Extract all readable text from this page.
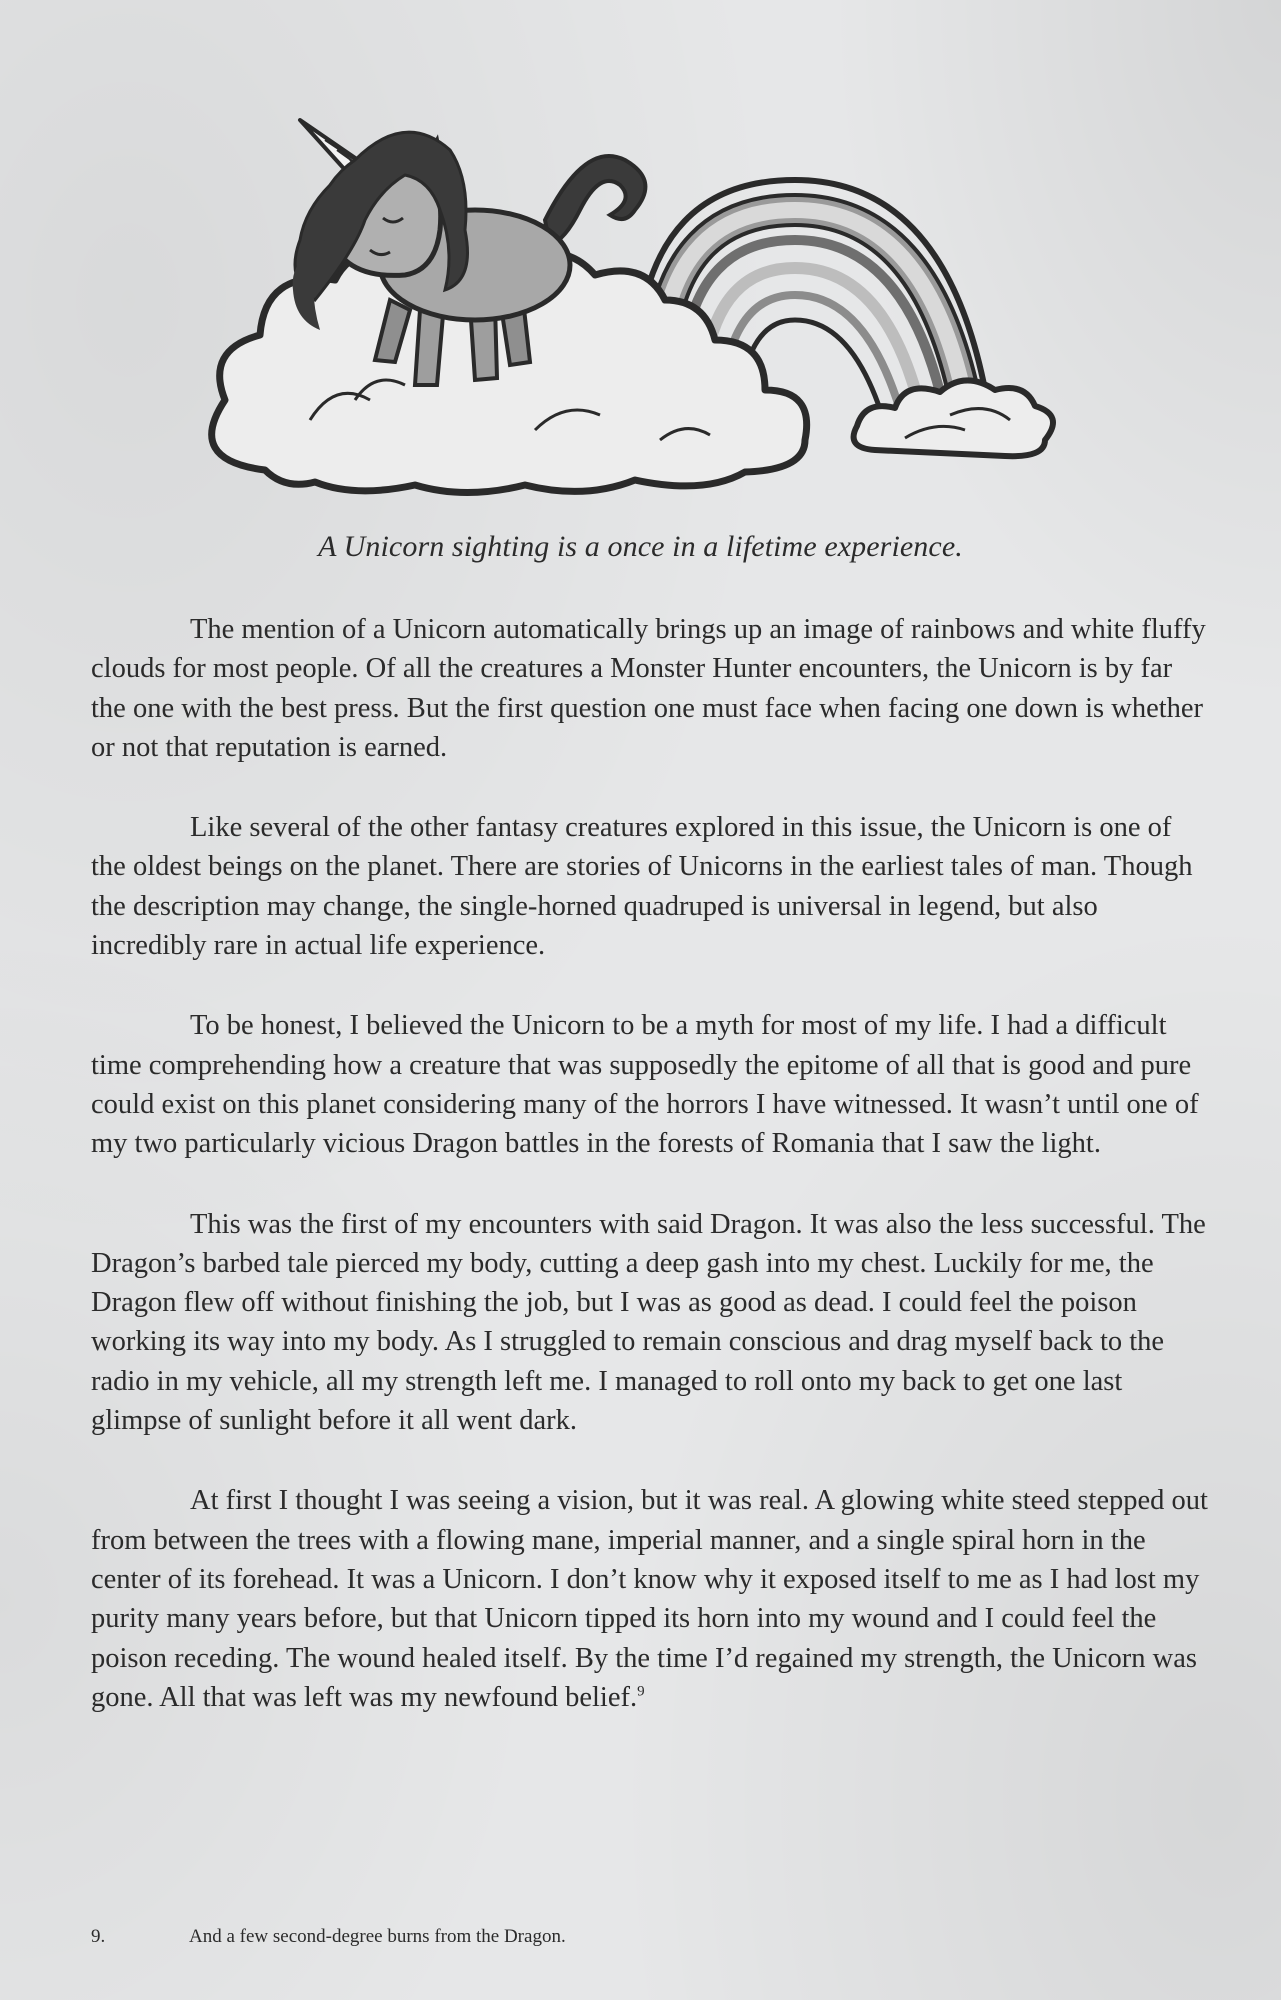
A Unicorn sighting is a once in a lifetime experience.

The mention of a Unicorn automatically brings up an image of rainbows and white fluffy clouds for most people. Of all the creatures a Monster Hunter encounters, the Unicorn is by far the one with the best press. But the first question one must face when facing one down is whether or not that reputation is earned.

Like several of the other fantasy creatures explored in this issue, the Unicorn is one of the oldest beings on the planet. There are stories of Unicorns in the earliest tales of man. Though the description may change, the single-horned quadruped is universal in legend, but also incredibly rare in actual life experience.

To be honest, I believed the Unicorn to be a myth for most of my life. I had a difficult time comprehending how a creature that was supposedly the epitome of all that is good and pure could exist on this planet considering many of the horrors I have witnessed. It wasn’t until one of my two particularly vicious Dragon battles in the forests of Romania that I saw the light.

This was the first of my encounters with said Dragon. It was also the less successful. The Dragon’s barbed tale pierced my body, cutting a deep gash into my chest. Luckily for me, the Dragon flew off without finishing the job, but I was as good as dead. I could feel the poison working its way into my body. As I struggled to remain conscious and drag myself back to the radio in my vehicle, all my strength left me. I managed to roll onto my back to get one last glimpse of sunlight before it all went dark.

At first I thought I was seeing a vision, but it was real. A glowing white steed stepped out from between the trees with a flowing mane, imperial manner, and a single spiral horn in the center of its forehead. It was a Unicorn. I don’t know why it exposed itself to me as I had lost my purity many years before, but that Unicorn tipped its horn into my wound and I could feel the poison receding. The wound healed itself. By the time I’d regained my strength, the Unicorn was gone. All that was left was my newfound belief.$^9$

9.	And a few second-degree burns from the Dragon.
